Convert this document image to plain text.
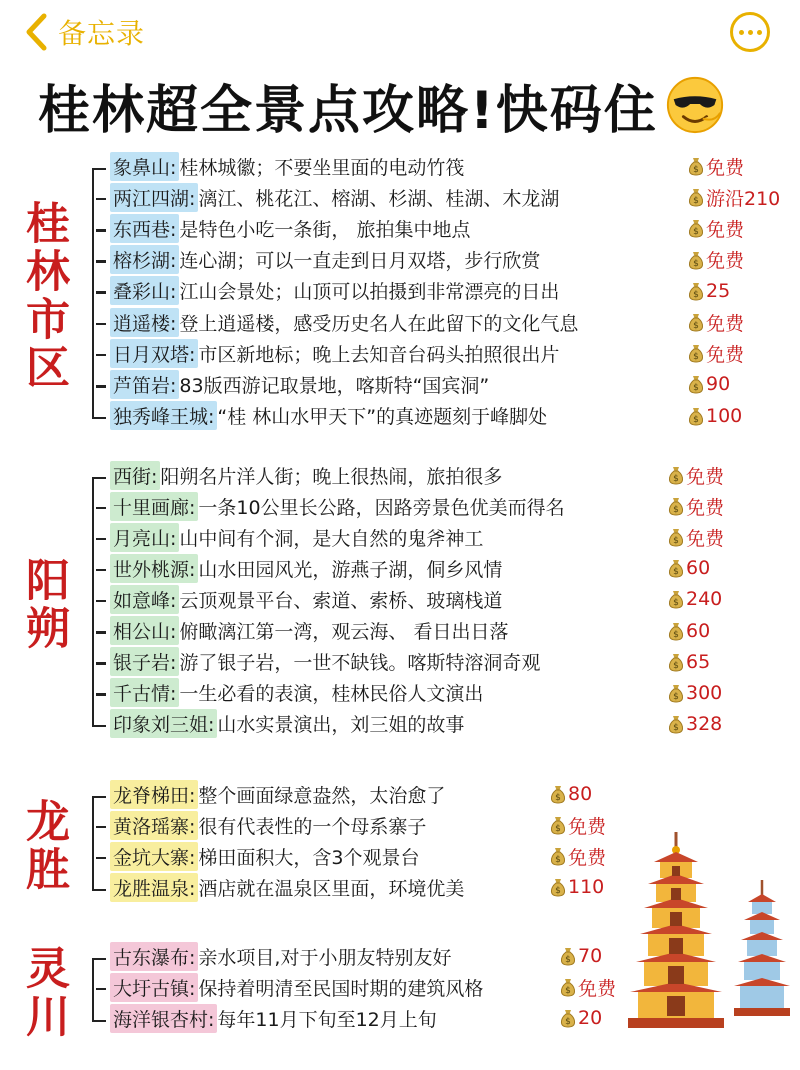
备忘录
桂林超全景点攻略!快码住
桂林市区
象鼻山: 桂林城徽；不要坐里面的电动竹筏	$ 免费
两江四湖: 漓江、桃花江、榕湖、杉湖、桂湖、木龙湖	$ 游沿210
东西巷: 是特色小吃一条街， 旅拍集中地点	$ 免费
榕杉湖: 连心湖；可以一直走到日月双塔，步行欣赏	$ 免费
叠彩山: 江山会景处；山顶可以拍摄到非常漂亮的日出	$ 25
逍遥楼: 登上逍遥楼，感受历史名人在此留下的文化气息	$ 免费
日月双塔: 市区新地标；晚上去知音台码头拍照很出片	$ 免费
芦笛岩: 83版西游记取景地，喀斯特“国宾洞”	$ 90
独秀峰王城: “桂 林山水甲天下”的真迹题刻于峰脚处	$ 100
阳朔
西街: 阳朔名片洋人街；晚上很热闹，旅拍很多	$ 免费
十里画廊: 一条10公里长公路，因路旁景色优美而得名	$ 免费
月亮山: 山中间有个洞，是大自然的鬼斧神工	$ 免费
世外桃源: 山水田园风光，游燕子湖，侗乡风情	$ 60
如意峰: 云顶观景平台、索道、索桥、玻璃栈道	$ 240
相公山: 俯瞰漓江第一湾，观云海、 看日出日落	$ 60
银子岩: 游了银子岩，一世不缺钱。喀斯特溶洞奇观	$ 65
千古情: 一生必看的表演，桂林民俗人文演出	$ 300
印象刘三姐: 山水实景演出，刘三姐的故事	$ 328
龙胜
龙脊梯田: 整个画面绿意盎然，太治愈了	$ 80
黄洛瑶寨: 很有代表性的一个母系寨子	$ 免费
金坑大寨: 梯田面积大，含3个观景台	$ 免费
龙胜温泉: 酒店就在温泉区里面，环境优美	$ 110
灵川 古东瀑布: 亲水项目,对于小朋友特别友好	$ 70
大圩古镇: 保持着明清至民国时期的建筑风格	$ 免费
海洋银杏村: 每年11月下旬至12月上旬	$ 20
